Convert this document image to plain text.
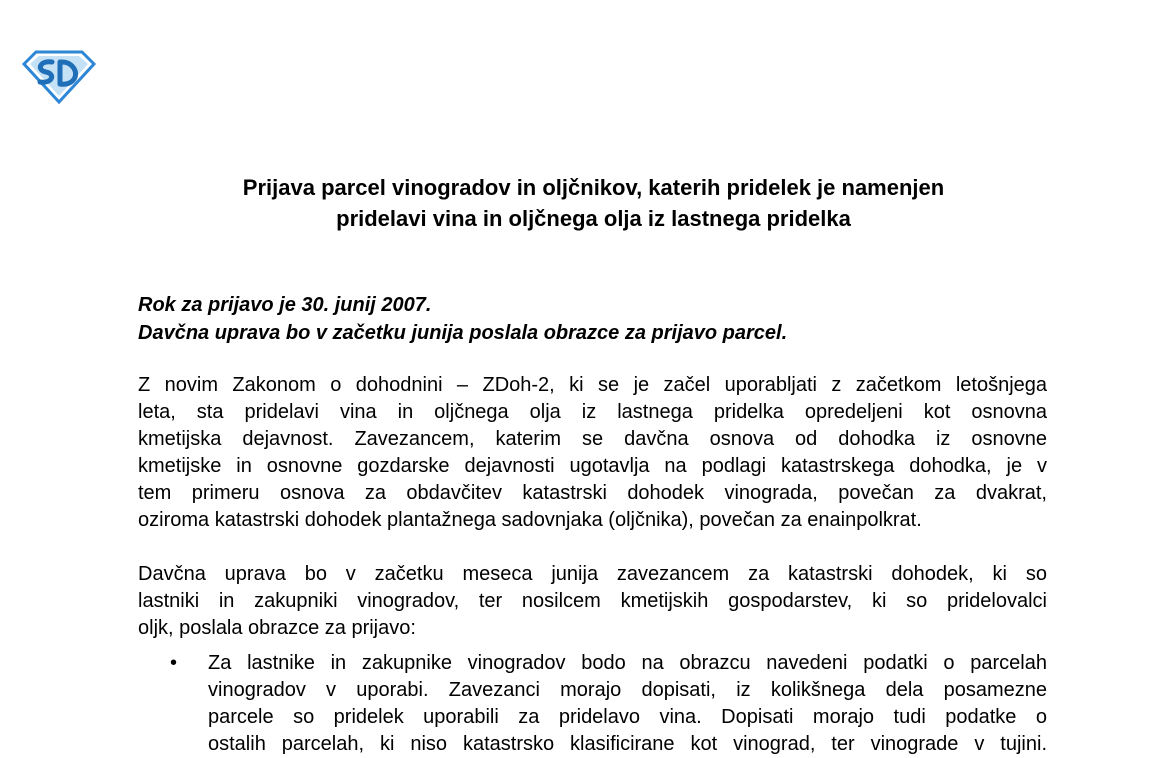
Prijava parcel vinogradov in oljčnikov, katerih pridelek je namenjen
pridelavi vina in oljčnega olja iz lastnega pridelka
Rok za prijavo je 30. junij 2007.
Davčna uprava bo v začetku junija poslala obrazce za prijavo parcel.
Z novim Zakonom o dohodnini – ZDoh-2, ki se je začel uporabljati z začetkom letošnjega
leta, sta pridelavi vina in oljčnega olja iz lastnega pridelka opredeljeni kot osnovna
kmetijska dejavnost. Zavezancem, katerim se davčna osnova od dohodka iz osnovne
kmetijske in osnovne gozdarske dejavnosti ugotavlja na podlagi katastrskega dohodka, je v
tem primeru osnova za obdavčitev katastrski dohodek vinograda, povečan za dvakrat,
oziroma katastrski dohodek plantažnega sadovnjaka (oljčnika), povečan za enainpolkrat.
Davčna uprava bo v začetku meseca junija zavezancem za katastrski dohodek, ki so
lastniki in zakupniki vinogradov, ter nosilcem kmetijskih gospodarstev, ki so pridelovalci
oljk, poslala obrazce za prijavo:
•	Za lastnike in zakupnike vinogradov bodo na obrazcu navedeni podatki o parcelah
vinogradov v uporabi. Zavezanci morajo dopisati, iz kolikšnega dela posamezne
parcele so pridelek uporabili za pridelavo vina. Dopisati morajo tudi podatke o
ostalih parcelah, ki niso katastrsko klasificirane kot vinograd, ter vinograde v tujini.
